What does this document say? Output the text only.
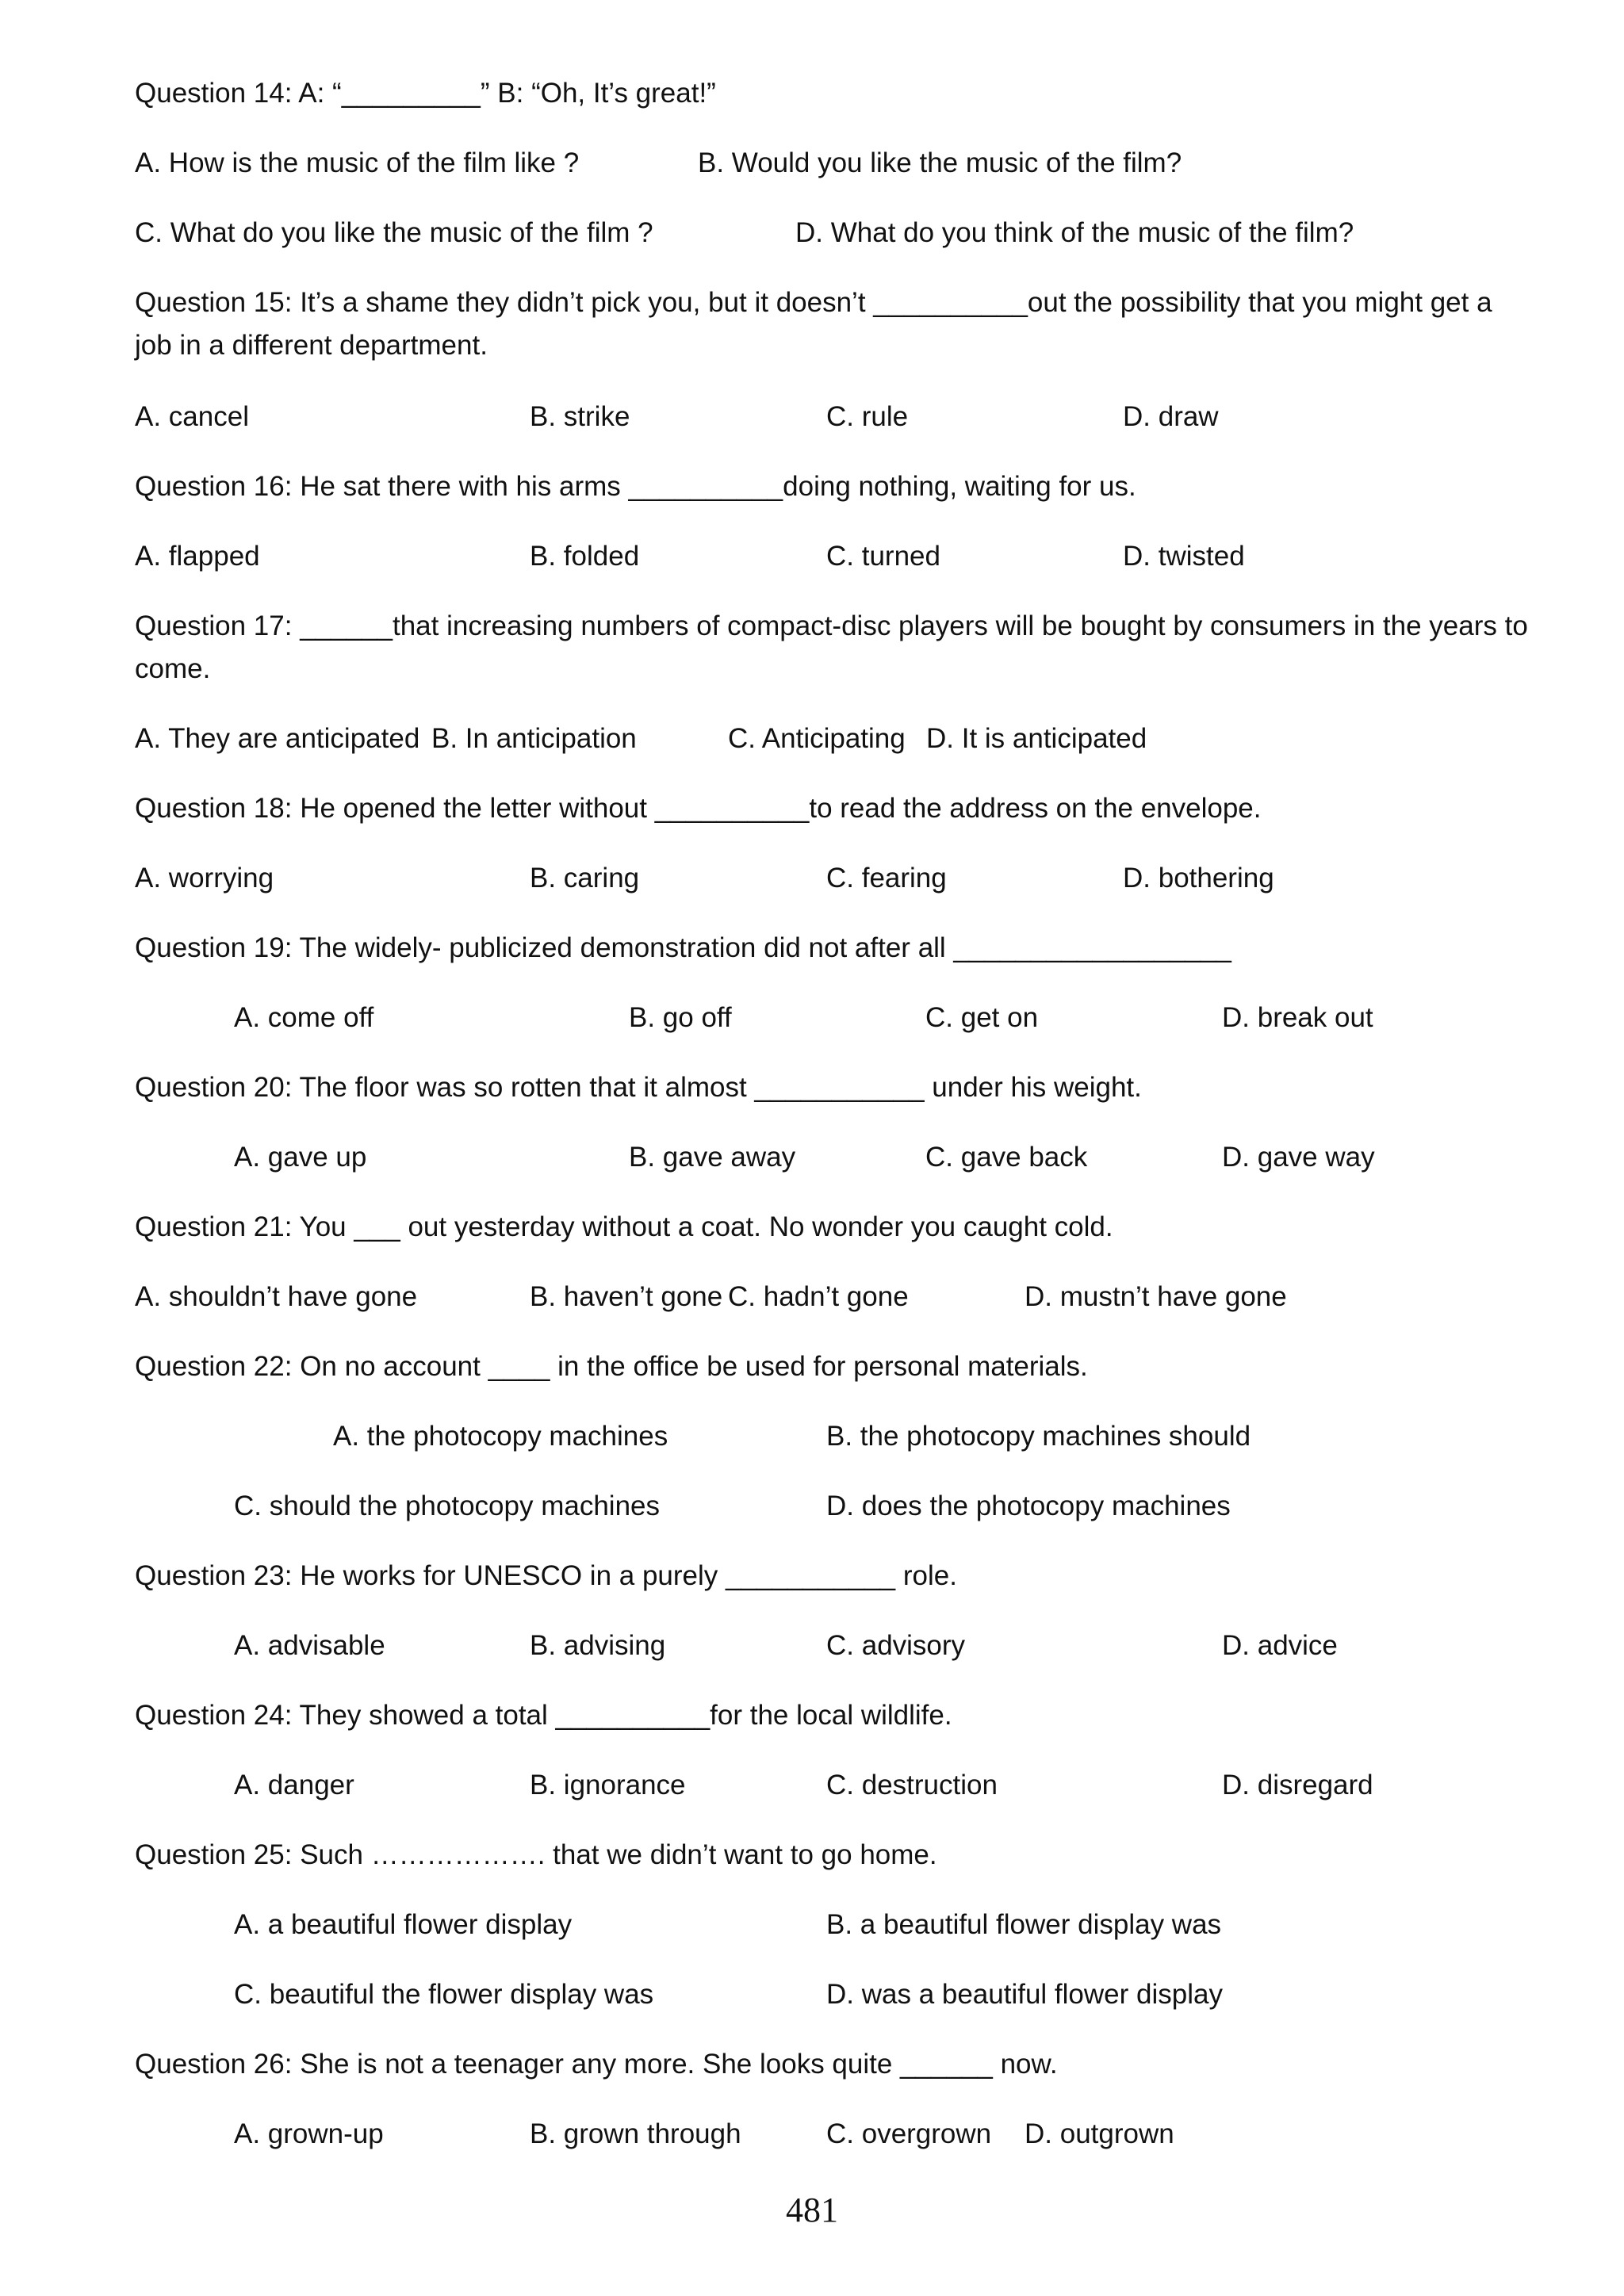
Question 14: A: “_________” B: “Oh, It’s great!”
A. How is the music of the film like ?	B. Would you like the music of the film?
C. What do you like the music of the film ?	D. What do you think of the music of the film?
Question 15: It’s a shame they didn’t pick you, but it doesn’t __________out the possibility that you might get a job in a different department.
A. cancel	B. strike	C. rule	D. draw
Question 16: He sat there with his arms __________doing nothing, waiting for us.
A. flapped	B. folded	C. turned	D. twisted
Question 17: ______that increasing numbers of compact-disc players will be bought by consumers in the years to come.
A. They are anticipated B. In anticipation	C. Anticipating D. It is anticipated
Question 18: He opened the letter without __________to read the address on the envelope.
A. worrying	B. caring	C. fearing	D. bothering
Question 19: The widely- publicized demonstration did not after all __________________
A. come off	B. go off	C. get on	D. break out
Question 20: The floor was so rotten that it almost ___________ under his weight.
A. gave up	B. gave away	C. gave back	D. gave way
Question 21: You ___ out yesterday without a coat. No wonder you caught cold.
A. shouldn’t have gone	B. haven’t gone C. hadn’t gone	D. mustn’t have gone
Question 22: On no account ____ in the office be used for personal materials.
A. the photocopy machines	B. the photocopy machines should
C. should the photocopy machines	D. does the photocopy machines
Question 23: He works for UNESCO in a purely ___________ role.
A. advisable	B. advising	C. advisory	D. advice
Question 24: They showed a total __________for the local wildlife.
A. danger	B. ignorance	C. destruction	D. disregard
Question 25: Such ………………. that we didn’t want to go home.
A. a beautiful flower display	B. a beautiful flower display was
C. beautiful the flower display was	D. was a beautiful flower display
Question 26: She is not a teenager any more. She looks quite ______ now.
A. grown-up	B. grown through	C. overgrown D. outgrown
481
